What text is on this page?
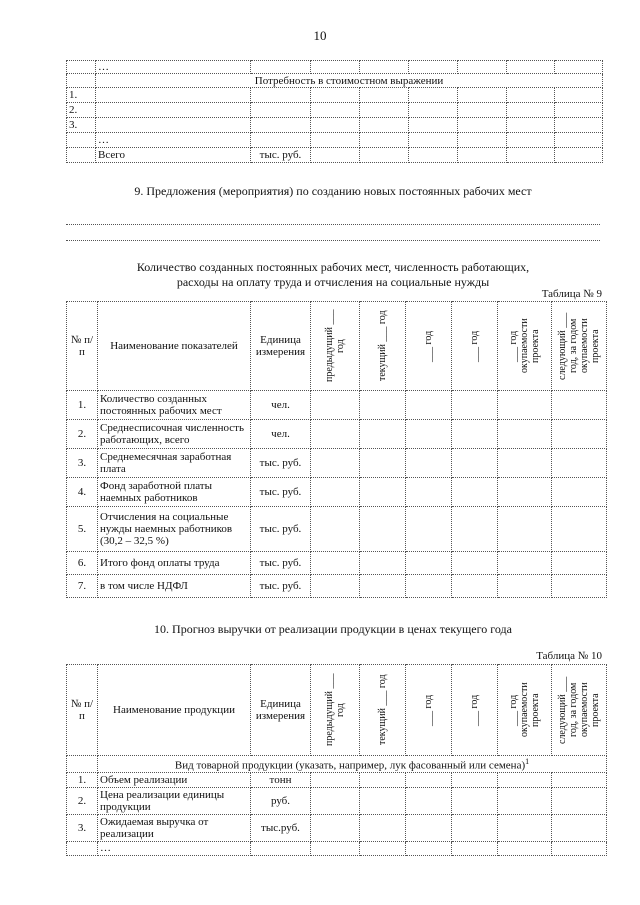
10
	…							
	Потребность в стоимостном выражении							
1.								
2.								
3.								
	…							
	Всего	тыс. руб.						
9. Предложения (мероприятия) по созданию новых постоянных рабочих мест
Количество созданных постоянных рабочих мест, численность работающих,
расходы на оплату труда и отчисления на социальные нужды
Таблица № 9
№ п/п	Наименование показателей	Единица измерения	предыдущий ___ год	текущий ___ год	___ год	___ год	___ год окупаемости проекта	следующий ___ год, за годом окупаемости проекта

1.	Количество созданных постоянных рабочих мест	чел.						
2.	Среднесписочная численность работающих, всего	чел.						
3.	Среднемесячная заработная плата	тыс. руб.						
4.	Фонд заработной платы наемных работников	тыс. руб.						
5.	Отчисления на социальные нужды наемных работников (30,2 – 32,5 %)	тыс. руб.						
6.	Итого фонд оплаты труда	тыс. руб.						
7.	в том числе НДФЛ	тыс. руб.						
10. Прогноз выручки от реализации продукции в ценах текущего года
Таблица № 10
№ п/п	Наименование продукции	Единица измерения	предыдущий ___ год	текущий ___ год	___ год	___ год	___ год окупаемости проекта	следующий ___ год, за годом окупаемости проекта

	Вид товарной продукции (указать, например, лук фасованный или семена)$^1$
1.	Объем реализации	тонн						
2.	Цена реализации единицы продукции	руб.						
3.	Ожидаемая выручка от реализации	тыс.руб.						
	…							
